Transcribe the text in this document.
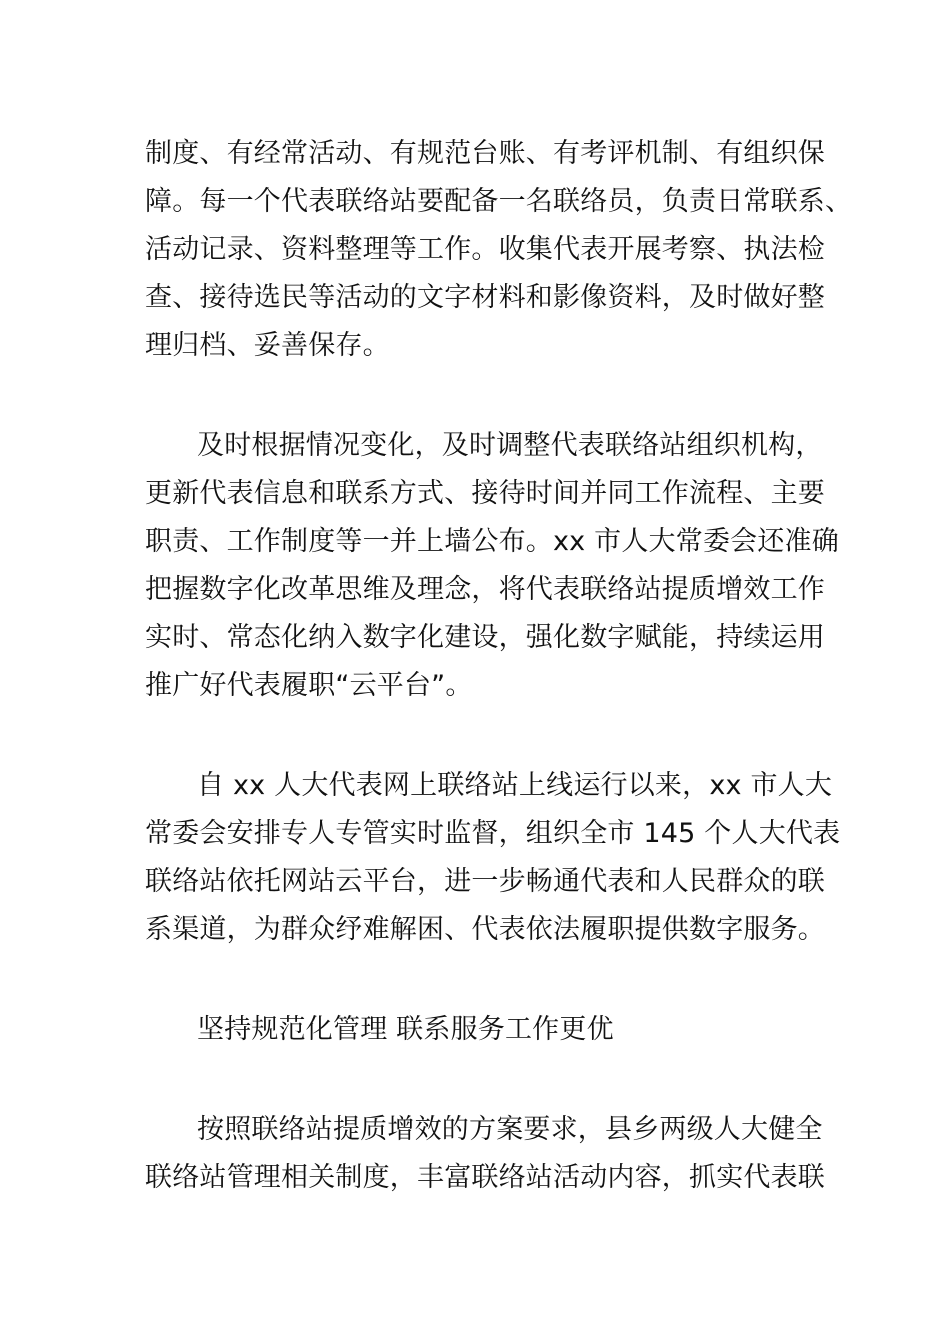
制度、有经常活动、有规范台账、有考评机制、有组织保
障。每一个代表联络站要配备一名联络员，负责日常联系、
活动记录、资料整理等工作。收集代表开展考察、执法检
查、接待选民等活动的文字材料和影像资料，及时做好整
理归档、妥善保存。
及时根据情况变化，及时调整代表联络站组织机构，
更新代表信息和联系方式、接待时间并同工作流程、主要
职责、工作制度等一并上墙公布。xx 市人大常委会还准确
把握数字化改革思维及理念，将代表联络站提质增效工作
实时、常态化纳入数字化建设，强化数字赋能，持续运用
推广好代表履职“云平台”。
自 xx 人大代表网上联络站上线运行以来，xx 市人大
常委会安排专人专管实时监督，组织全市 145 个人大代表
联络站依托网站云平台，进一步畅通代表和人民群众的联
系渠道，为群众纾难解困、代表依法履职提供数字服务。
坚持规范化管理 联系服务工作更优
按照联络站提质增效的方案要求，县乡两级人大健全
联络站管理相关制度，丰富联络站活动内容，抓实代表联
